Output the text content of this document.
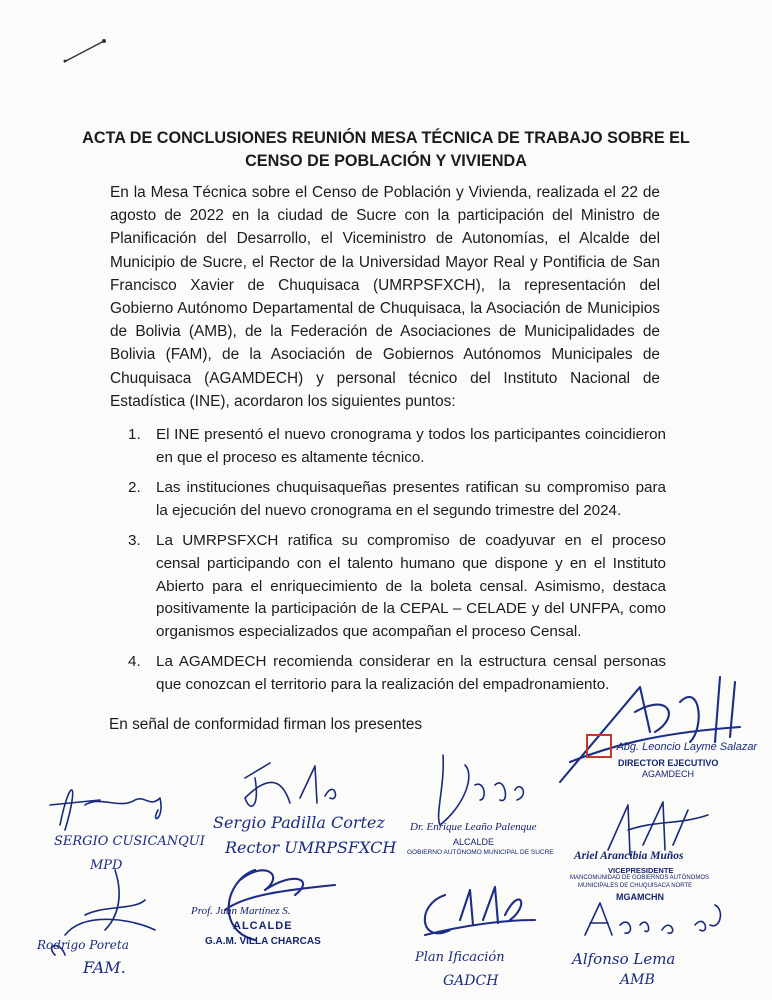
ACTA DE CONCLUSIONES REUNIÓN MESA TÉCNICA DE TRABAJO SOBRE EL
CENSO DE POBLACIÓN Y VIVIENDA
En la Mesa Técnica sobre el Censo de Población y Vivienda, realizada el 22 de agosto de 2022 en la ciudad de Sucre con la participación del Ministro de Planificación del Desarrollo, el Viceministro de Autonomías, el Alcalde del Municipio de Sucre, el Rector de la Universidad Mayor Real y Pontificia de San Francisco Xavier de Chuquisaca (UMRPSFXCH), la representación del Gobierno Autónomo Departamental de Chuquisaca, la Asociación de Municipios de Bolivia (AMB), de la Federación de Asociaciones de Municipalidades de Bolivia (FAM), de la Asociación de Gobiernos Autónomos Municipales de Chuquisaca (AGAMDECH) y personal técnico del Instituto Nacional de Estadística (INE), acordaron los siguientes puntos:
1. El INE presentó el nuevo cronograma y todos los participantes coincidieron en que el proceso es altamente técnico.
2. Las instituciones chuquisaqueñas presentes ratifican su compromiso para la ejecución del nuevo cronograma en el segundo trimestre del 2024.
3. La UMRPSFXCH ratifica su compromiso de coadyuvar en el proceso censal participando con el talento humano que dispone y en el Instituto Abierto para el enriquecimiento de la boleta censal. Asimismo, destaca positivamente la participación de la CEPAL – CELADE y del UNFPA, como organismos especializados que acompañan el proceso Censal.
4. La AGAMDECH recomienda considerar en la estructura censal personas que conozcan el territorio para la realización del empadronamiento.
En señal de conformidad firman los presentes
Abg. Leoncio Layme Salazar
DIRECTOR EJECUTIVO
AGAMDECH
SERGIO CUSICANQUI
MPD
Sergio Padilla Cortez
Rector UMRPSFXCH
Dr. Enrique Leaño Palenque
ALCALDE
GOBIERNO AUTÓNOMO MUNICIPAL DE SUCRE Ariel Arancibia Muños
VICEPRESIDENTE
MANCOMUNIDAD DE GOBIERNOS AUTÓNOMOS
MUNICIPALES DE CHUQUISACA NORTE
MGAMCHN
Rodrigo Poreta
FAM.
Prof. Juan Martínez S.
ALCALDE
G.A.M. VILLA CHARCAS
Plan Ificación
GADCH
Alfonso Lema
AMB
